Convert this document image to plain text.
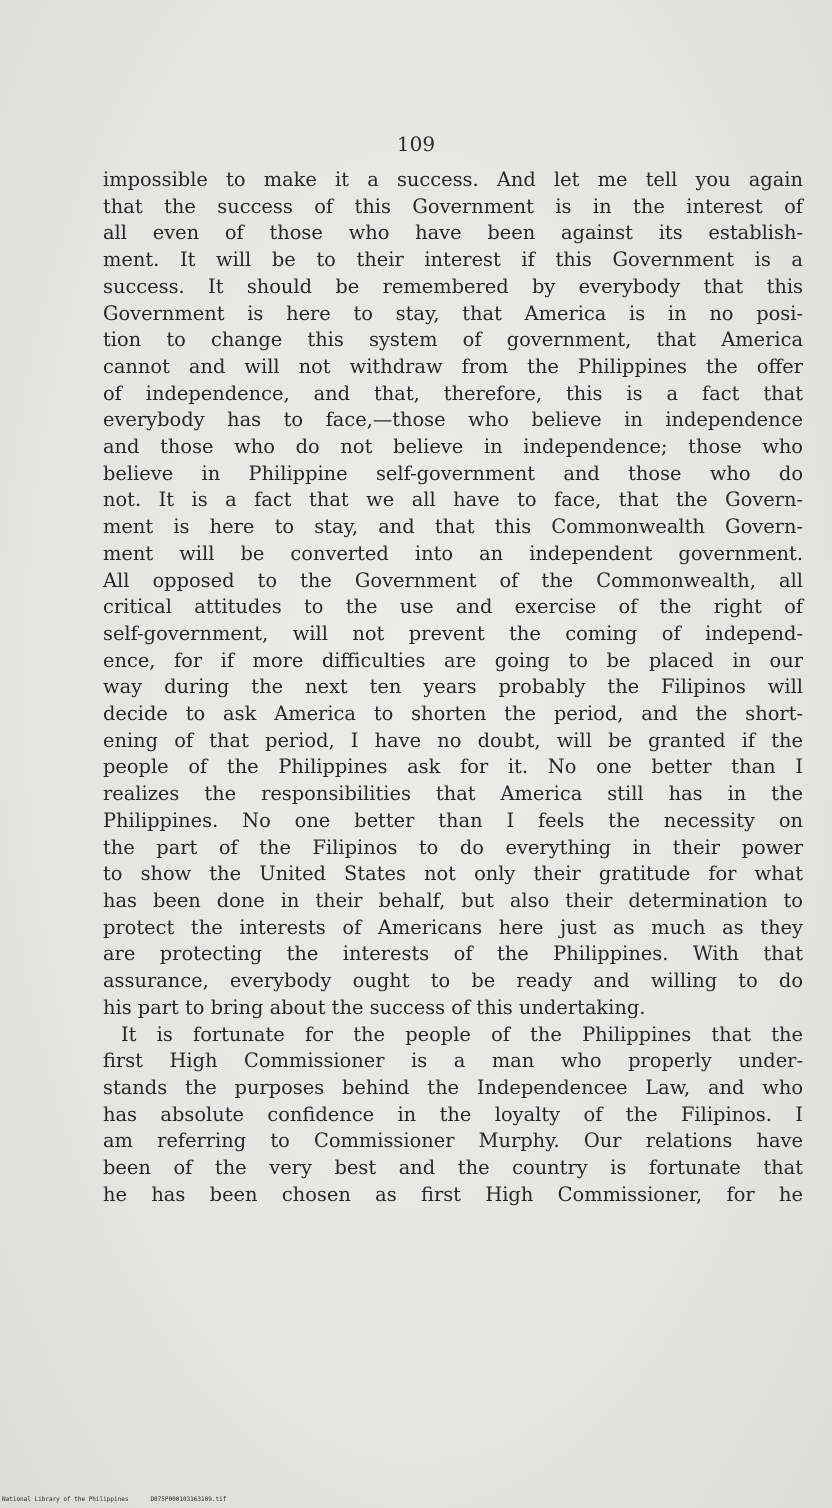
109
impossible to make it a success. And let me tell you again
that the success of this Government is in the interest of
all even of those who have been against its establish-
ment. It will be to their interest if this Government is a
success. It should be remembered by everybody that this
Government is here to stay, that America is in no posi-
tion to change this system of government, that America
cannot and will not withdraw from the Philippines the offer
of independence, and that, therefore, this is a fact that
everybody has to face,—those who believe in independence
and those who do not believe in independence; those who
believe in Philippine self-government and those who do
not. It is a fact that we all have to face, that the Govern-
ment is here to stay, and that this Commonwealth Govern-
ment will be converted into an independent government.
All opposed to the Government of the Commonwealth, all
critical attitudes to the use and exercise of the right of
self-government, will not prevent the coming of independ-
ence, for if more difficulties are going to be placed in our
way during the next ten years probably the Filipinos will
decide to ask America to shorten the period, and the short-
ening of that period, I have no doubt, will be granted if the
people of the Philippines ask for it. No one better than I
realizes the responsibilities that America still has in the
Philippines. No one better than I feels the necessity on
the part of the Filipinos to do everything in their power
to show the United States not only their gratitude for what
has been done in their behalf, but also their determination to
protect the interests of Americans here just as much as they
are protecting the interests of the Philippines. With that
assurance, everybody ought to be ready and willing to do
his part to bring about the success of this undertaking.
It is fortunate for the people of the Philippines that the
first High Commissioner is a man who properly under-
stands the purposes behind the Independencee Law, and who
has absolute confidence in the loyalty of the Filipinos. I
am referring to Commissioner Murphy. Our relations have
been of the very best and the country is fortunate that
he has been chosen as first High Commissioner, for he
National Library of the Philippines	D075P000103163109.tif
